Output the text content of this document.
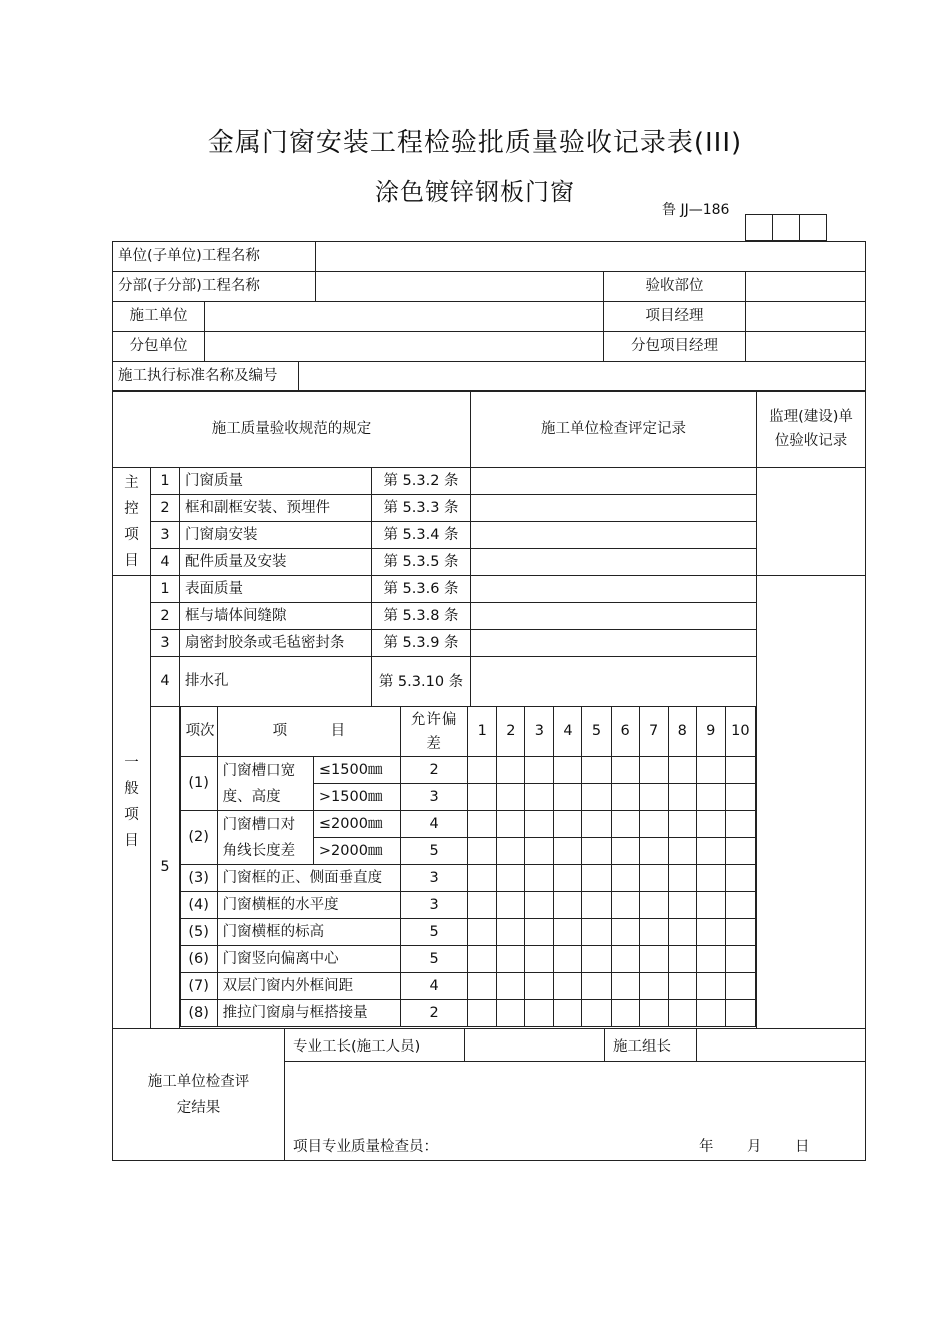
金属门窗安装工程检验批质量验收记录表(III)
涂色镀锌钢板门窗
鲁 JJ—186

单位(子单位)工程名称					
分部(子分部)工程名称				验收部位	
施工单位				项目经理	
分包单位				分包项目经理	
施工执行标准名称及编号					
施工质量验收规范的规定				施工单位检查评定记录	监理(建设)单位验收记录	
主控项目	1	门窗质量	第 5.3.2 条			
	2	框和副框安装、预埋件	第 5.3.3 条			
	3	门窗扇安装	第 5.3.4 条			
	4	配件质量及安装	第 5.3.5 条			
一般项目	1	表面质量	第 5.3.6 条			
	2	框与墙体间缝隙	第 5.3.8 条			
	3	扇密封胶条或毛毡密封条	第 5.3.9 条			
	4	排水孔	第 5.3.10 条			
	5					
	项次	项　　　目		允许偏差	1	2	3	4	5	6	7	8	9	10
	(1)	门窗槽口宽度、高度	≤1500㎜	2										
			>1500㎜	3										
	(2)	门窗槽口对角线长度差	≤2000㎜	4										
			>2000㎜	5										
	(3)	门窗框的正、侧面垂直度		3										
	(4)	门窗横框的水平度		3										
	(5)	门窗横框的标高		5										
	(6)	门窗竖向偏离中心		5										
	(7)	双层门窗内外框间距		4										
	(8)	推拉门窗扇与框搭接量		2										
施工单位检查评定结果	专业工长(施工人员)		施工组长	
项目专业质量检查员：	年 月 日
